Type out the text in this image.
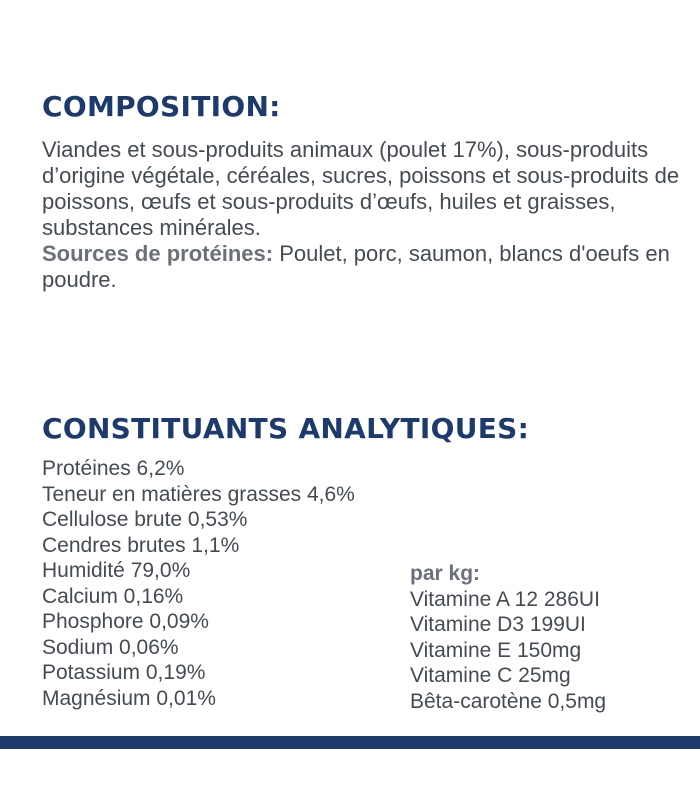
COMPOSITION:

Viandes et sous-produits animaux (poulet 17%), sous-produits d’origine végétale, céréales, sucres, poissons et sous-produits de poissons, œufs et sous-produits d’œufs, huiles et graisses, substances minérales.

Sources de protéines: Poulet, porc, saumon, blancs d'oeufs en poudre.

CONSTITUANTS ANALYTIQUES:
Protéines 6,2%
Teneur en matières grasses 4,6%
Cellulose brute 0,53%
Cendres brutes 1,1%
Humidité 79,0%
Calcium 0,16%
Phosphore 0,09%
Sodium 0,06%
Potassium 0,19%
Magnésium 0,01%
par kg:
Vitamine A 12 286UI
Vitamine D3 199UI
Vitamine E 150mg
Vitamine C 25mg
Bêta-carotène 0,5mg
